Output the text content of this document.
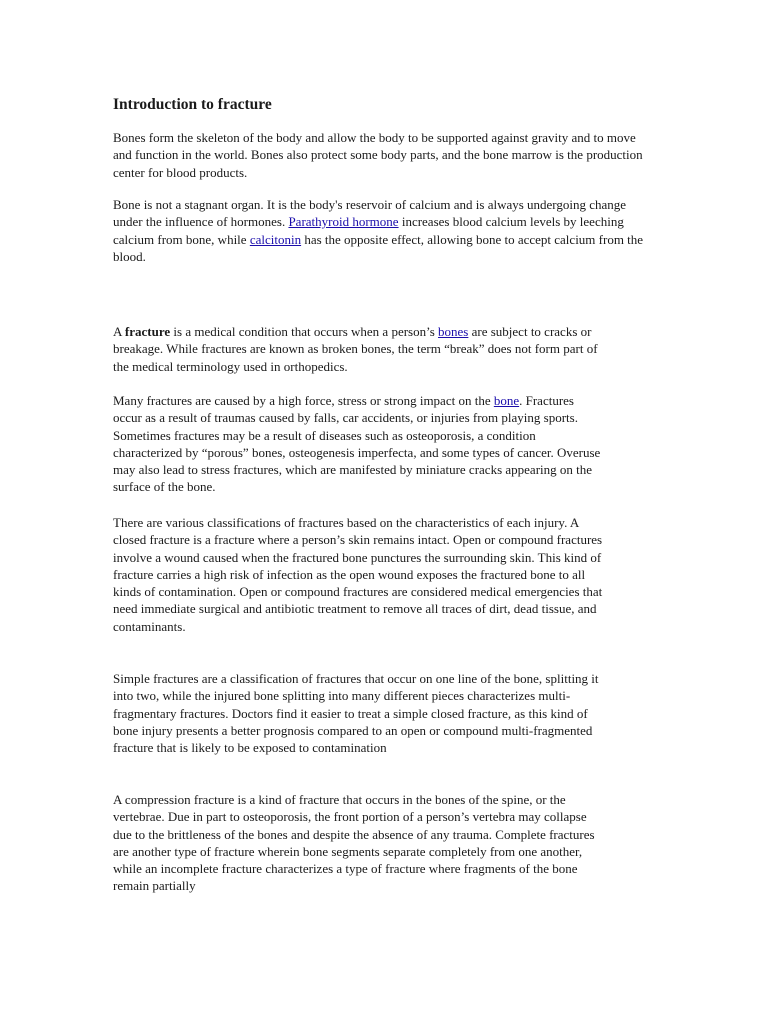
Introduction to fracture

Bones form the skeleton of the body and allow the body to be supported against gravity and to move and function in the world. Bones also protect some body parts, and the bone marrow is the production center for blood products.

Bone is not a stagnant organ. It is the body's reservoir of calcium and is always undergoing change under the influence of hormones. Parathyroid hormone increases blood calcium levels by leeching calcium from bone, while calcitonin has the opposite effect, allowing bone to accept calcium from the blood.

A fracture is a medical condition that occurs when a person’s bones are subject to cracks or breakage. While fractures are known as broken bones, the term “break” does not form part of the medical terminology used in orthopedics.

Many fractures are caused by a high force, stress or strong impact on the bone. Fractures occur as a result of traumas caused by falls, car accidents, or injuries from playing sports. Sometimes fractures may be a result of diseases such as osteoporosis, a condition characterized by “porous” bones, osteogenesis imperfecta, and some types of cancer. Overuse may also lead to stress fractures, which are manifested by miniature cracks appearing on the surface of the bone.

There are various classifications of fractures based on the characteristics of each injury. A closed fracture is a fracture where a person’s skin remains intact. Open or compound fractures involve a wound caused when the fractured bone punctures the surrounding skin. This kind of fracture carries a high risk of infection as the open wound exposes the fractured bone to all kinds of contamination. Open or compound fractures are considered medical emergencies that need immediate surgical and antibiotic treatment to remove all traces of dirt, dead tissue, and contaminants.

Simple fractures are a classification of fractures that occur on one line of the bone, splitting it into two, while the injured bone splitting into many different pieces characterizes multi-fragmentary fractures. Doctors find it easier to treat a simple closed fracture, as this kind of bone injury presents a better prognosis compared to an open or compound multi-fragmented fracture that is likely to be exposed to contamination

A compression fracture is a kind of fracture that occurs in the bones of the spine, or the vertebrae. Due in part to osteoporosis, the front portion of a person’s vertebra may collapse due to the brittleness of the bones and despite the absence of any trauma. Complete fractures are another type of fracture wherein bone segments separate completely from one another, while an incomplete fracture characterizes a type of fracture where fragments of the bone remain partially
